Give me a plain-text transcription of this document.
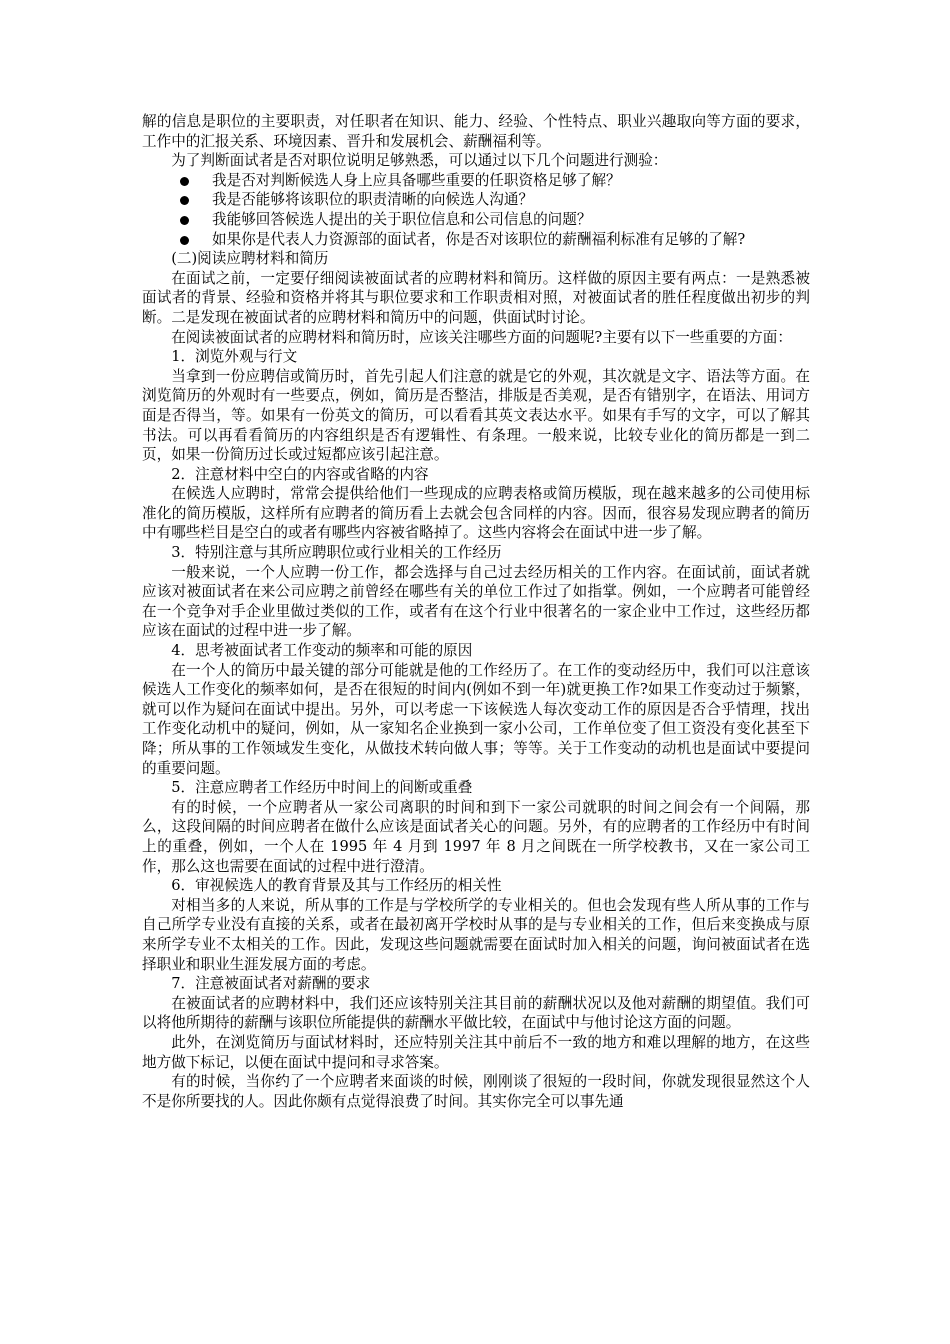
解的信息是职位的主要职责，对任职者在知识、能力、经验、个性特点、职业兴趣取向等方面的要求，工作中的汇报关系、环境因素、晋升和发展机会、薪酬福利等。

为了判断面试者是否对职位说明足够熟悉，可以通过以下几个问题进行测验：

我是否对判断候选人身上应具备哪些重要的任职资格足够了解？

我是否能够将该职位的职责清晰的向候选人沟通？

我能够回答候选人提出的关于职位信息和公司信息的问题？

如果你是代表人力资源部的面试者，你是否对该职位的薪酬福利标准有足够的了解?

(二)阅读应聘材料和简历

在面试之前，一定要仔细阅读被面试者的应聘材料和简历。这样做的原因主要有两点：一是熟悉被面试者的背景、经验和资格并将其与职位要求和工作职责相对照，对被面试者的胜任程度做出初步的判断。二是发现在被面试者的应聘材料和简历中的问题，供面试时讨论。

在阅读被面试者的应聘材料和简历时，应该关注哪些方面的问题呢?主要有以下一些重要的方面：

1．浏览外观与行文

当拿到一份应聘信或简历时，首先引起人们注意的就是它的外观，其次就是文字、语法等方面。在浏览简历的外观时有一些要点，例如，简历是否整洁，排版是否美观，是否有错别字，在语法、用词方面是否得当，等。如果有一份英文的简历，可以看看其英文表达水平。如果有手写的文字，可以了解其书法。可以再看看简历的内容组织是否有逻辑性、有条理。一般来说，比较专业化的简历都是一到二页，如果一份简历过长或过短都应该引起注意。

2．注意材料中空白的内容或省略的内容

在候选人应聘时，常常会提供给他们一些现成的应聘表格或简历模版，现在越来越多的公司使用标准化的简历模版，这样所有应聘者的简历看上去就会包含同样的内容。因而，很容易发现应聘者的简历中有哪些栏目是空白的或者有哪些内容被省略掉了。这些内容将会在面试中进一步了解。

3．特别注意与其所应聘职位或行业相关的工作经历

一般来说，一个人应聘一份工作，都会选择与自己过去经历相关的工作内容。在面试前，面试者就应该对被面试者在来公司应聘之前曾经在哪些有关的单位工作过了如指掌。例如，一个应聘者可能曾经在一个竞争对手企业里做过类似的工作，或者有在这个行业中很著名的一家企业中工作过，这些经历都应该在面试的过程中进一步了解。

4．思考被面试者工作变动的频率和可能的原因

在一个人的简历中最关键的部分可能就是他的工作经历了。在工作的变动经历中，我们可以注意该候选人工作变化的频率如何，是否在很短的时间内(例如不到一年)就更换工作?如果工作变动过于频繁，就可以作为疑问在面试中提出。另外，可以考虑一下该候选人每次变动工作的原因是否合乎情理，找出工作变化动机中的疑问，例如，从一家知名企业换到一家小公司，工作单位变了但工资没有变化甚至下降；所从事的工作领域发生变化，从做技术转向做人事；等等。关于工作变动的动机也是面试中要提问的重要问题。

5．注意应聘者工作经历中时间上的间断或重叠

有的时候，一个应聘者从一家公司离职的时间和到下一家公司就职的时间之间会有一个间隔，那么，这段间隔的时间应聘者在做什么应该是面试者关心的问题。另外，有的应聘者的工作经历中有时间上的重叠，例如，一个人在 1995 年 4 月到 1997 年 8 月之间既在一所学校教书，又在一家公司工作，那么这也需要在面试的过程中进行澄清。

6．审视候选人的教育背景及其与工作经历的相关性

对相当多的人来说，所从事的工作是与学校所学的专业相关的。但也会发现有些人所从事的工作与自己所学专业没有直接的关系，或者在最初离开学校时从事的是与专业相关的工作，但后来变换成与原来所学专业不太相关的工作。因此，发现这些问题就需要在面试时加入相关的问题，询问被面试者在选择职业和职业生涯发展方面的考虑。

7．注意被面试者对薪酬的要求

在被面试者的应聘材料中，我们还应该特别关注其目前的薪酬状况以及他对薪酬的期望值。我们可以将他所期待的薪酬与该职位所能提供的薪酬水平做比较，在面试中与他讨论这方面的问题。

此外，在浏览简历与面试材料时，还应特别关注其中前后不一致的地方和难以理解的地方，在这些地方做下标记，以便在面试中提问和寻求答案。

有的时候，当你约了一个应聘者来面谈的时候，刚刚谈了很短的一段时间，你就发现很显然这个人不是你所要找的人。因此你颇有点觉得浪费了时间。其实你完全可以事先通
